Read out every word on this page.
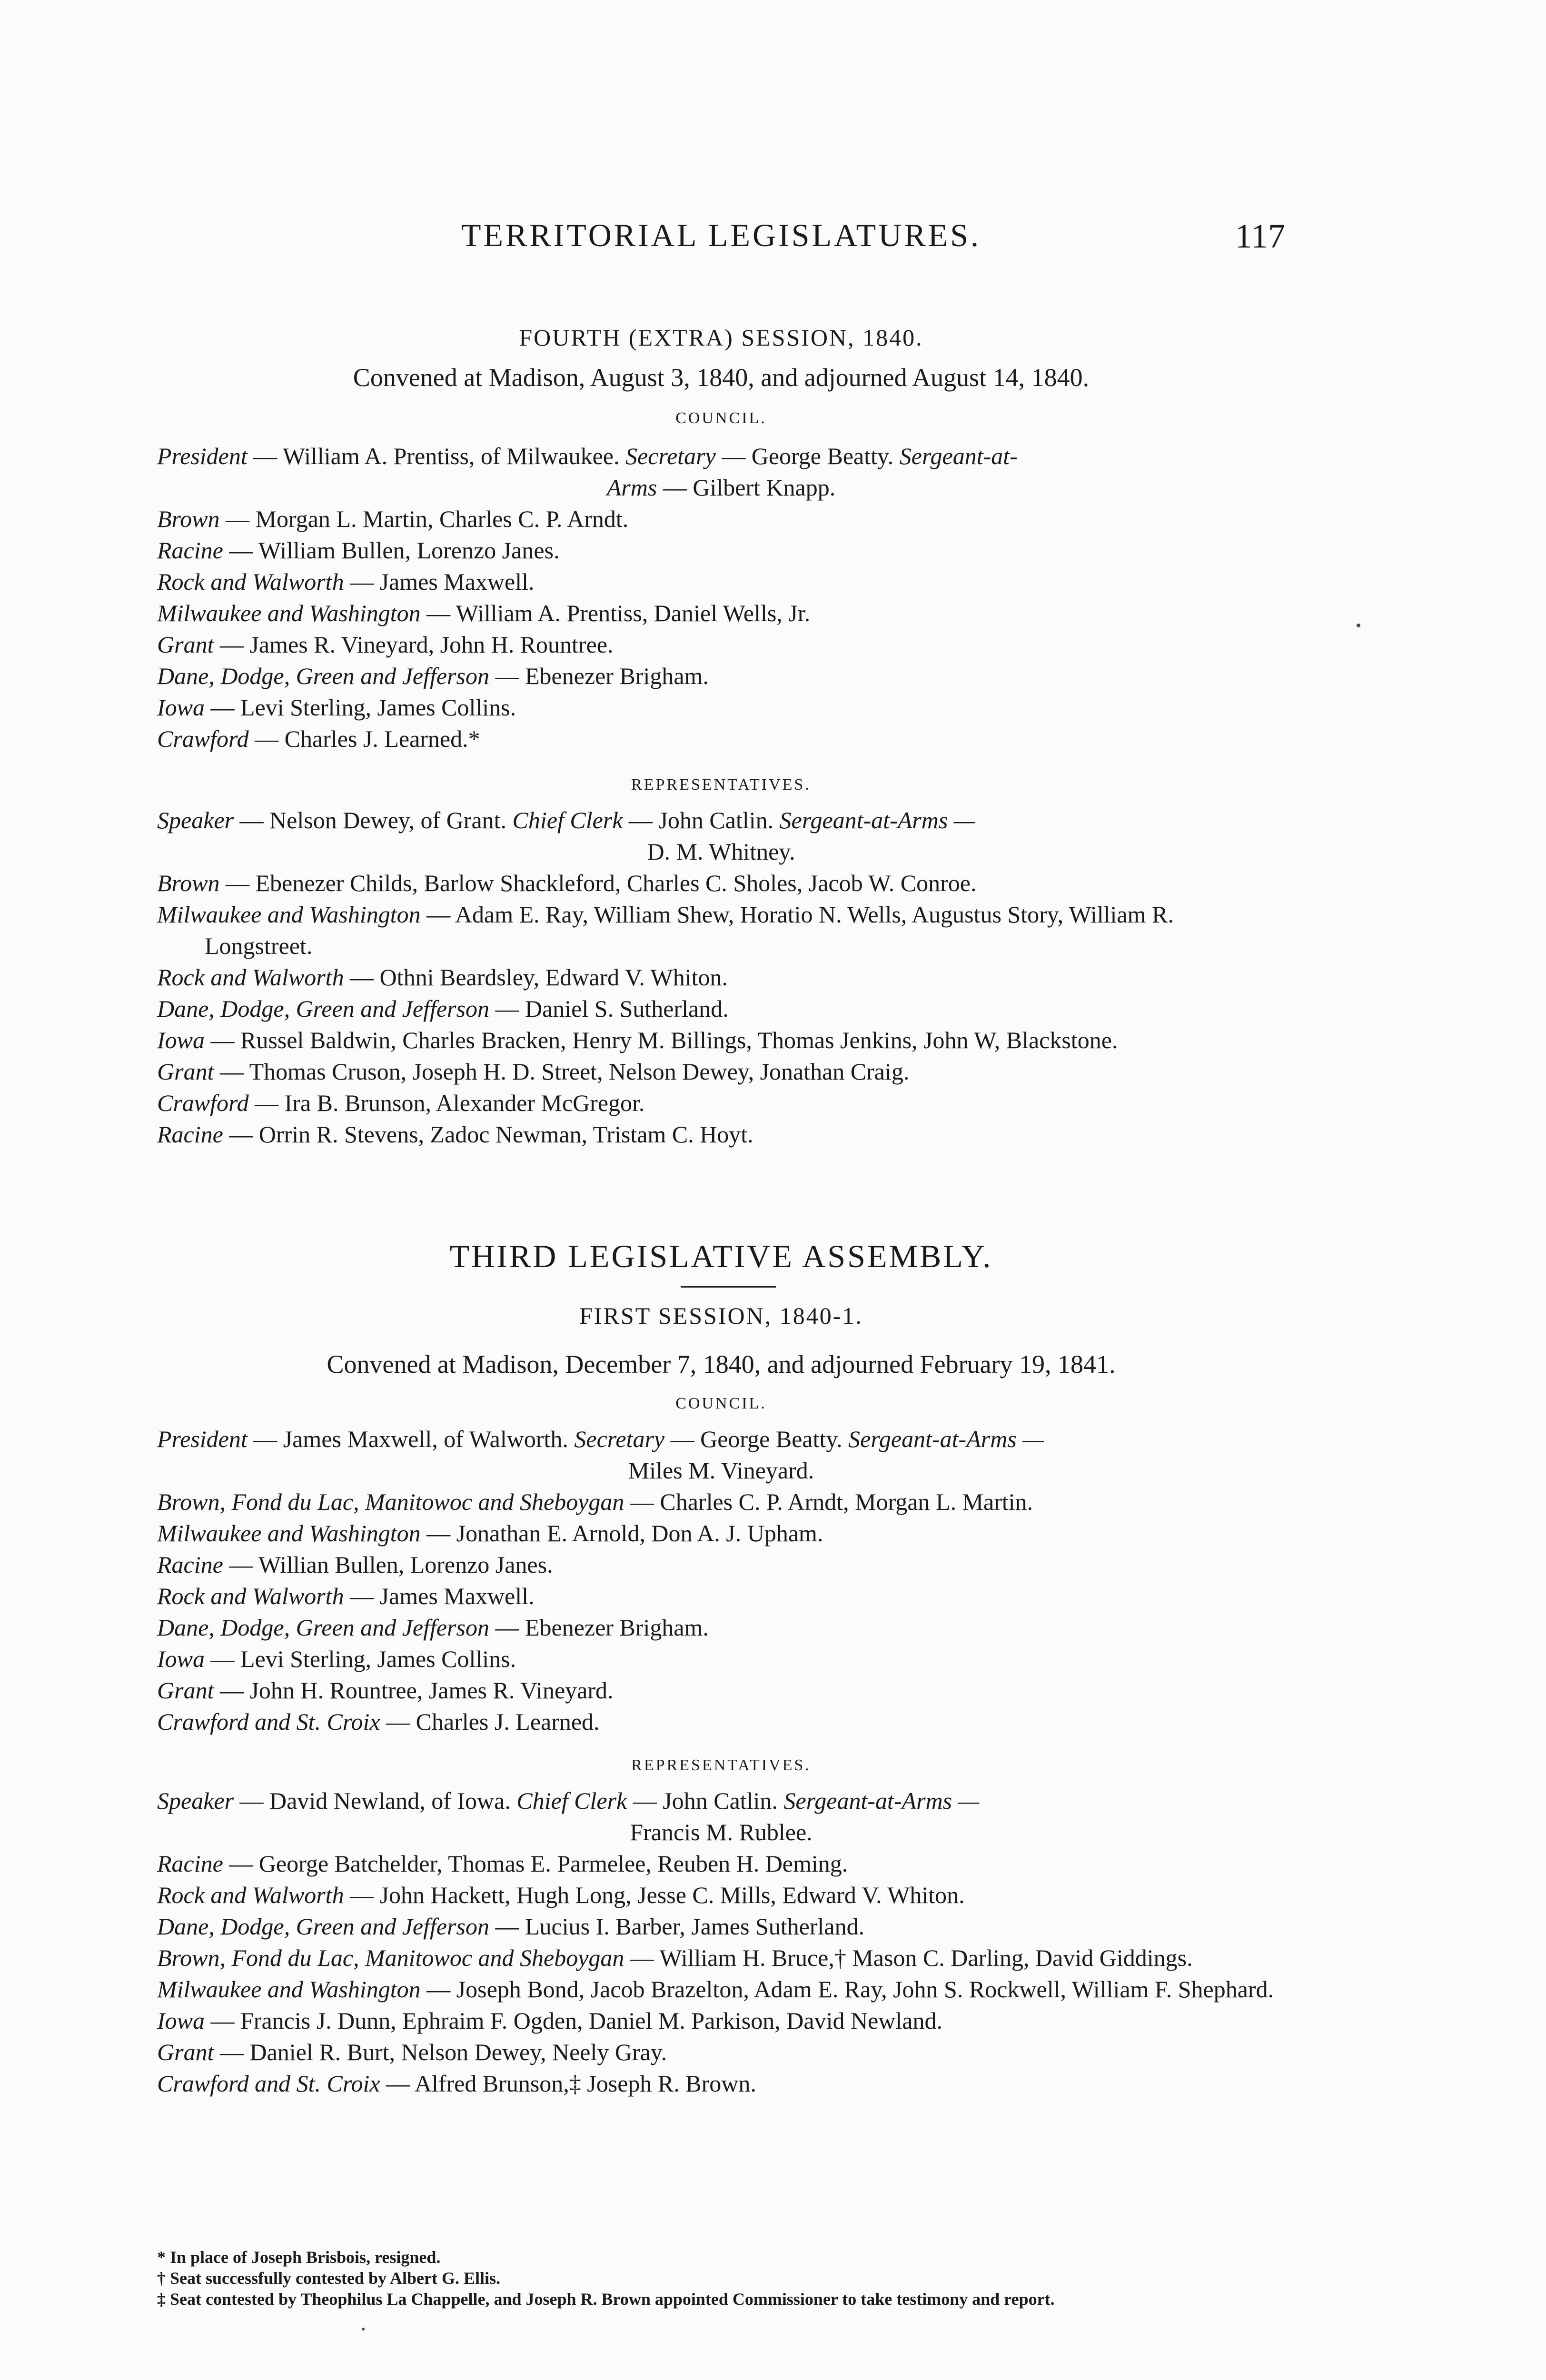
TERRITORIAL LEGISLATURES.	117
FOURTH (EXTRA) SESSION, 1840.
Convened at Madison, August 3, 1840, and adjourned August 14, 1840.
COUNCIL.
President — William A. Prentiss, of Milwaukee. Secretary — George Beatty. Sergeant-at-
Arms — Gilbert Knapp.
Brown — Morgan L. Martin, Charles C. P. Arndt.
Racine — William Bullen, Lorenzo Janes.
Rock and Walworth — James Maxwell.
Milwaukee and Washington — William A. Prentiss, Daniel Wells, Jr.
Grant — James R. Vineyard, John H. Rountree.
Dane, Dodge, Green and Jefferson — Ebenezer Brigham.
Iowa — Levi Sterling, James Collins.
Crawford — Charles J. Learned.*
REPRESENTATIVES.
Speaker — Nelson Dewey, of Grant. Chief Clerk — John Catlin. Sergeant-at-Arms —
D. M. Whitney.
Brown — Ebenezer Childs, Barlow Shackleford, Charles C. Sholes, Jacob W. Conroe.
Milwaukee and Washington — Adam E. Ray, William Shew, Horatio N. Wells, Augustus Story, William R. Longstreet.
Rock and Walworth — Othni Beardsley, Edward V. Whiton.
Dane, Dodge, Green and Jefferson — Daniel S. Sutherland.
Iowa — Russel Baldwin, Charles Bracken, Henry M. Billings, Thomas Jenkins, John W, Blackstone.
Grant — Thomas Cruson, Joseph H. D. Street, Nelson Dewey, Jonathan Craig.
Crawford — Ira B. Brunson, Alexander McGregor.
Racine — Orrin R. Stevens, Zadoc Newman, Tristam C. Hoyt.
THIRD LEGISLATIVE ASSEMBLY.
FIRST SESSION, 1840-1.
Convened at Madison, December 7, 1840, and adjourned February 19, 1841.
COUNCIL.
President — James Maxwell, of Walworth. Secretary — George Beatty. Sergeant-at-Arms —
Miles M. Vineyard.
Brown, Fond du Lac, Manitowoc and Sheboygan — Charles C. P. Arndt, Morgan L. Martin.
Milwaukee and Washington — Jonathan E. Arnold, Don A. J. Upham.
Racine — Willian Bullen, Lorenzo Janes.
Rock and Walworth — James Maxwell.
Dane, Dodge, Green and Jefferson — Ebenezer Brigham.
Iowa — Levi Sterling, James Collins.
Grant — John H. Rountree, James R. Vineyard.
Crawford and St. Croix — Charles J. Learned.
REPRESENTATIVES.
Speaker — David Newland, of Iowa. Chief Clerk — John Catlin. Sergeant-at-Arms —
Francis M. Rublee.
Racine — George Batchelder, Thomas E. Parmelee, Reuben H. Deming.
Rock and Walworth — John Hackett, Hugh Long, Jesse C. Mills, Edward V. Whiton.
Dane, Dodge, Green and Jefferson — Lucius I. Barber, James Sutherland.
Brown, Fond du Lac, Manitowoc and Sheboygan — William H. Bruce,† Mason C. Darling, David Giddings.
Milwaukee and Washington — Joseph Bond, Jacob Brazelton, Adam E. Ray, John S. Rockwell, William F. Shephard.
Iowa — Francis J. Dunn, Ephraim F. Ogden, Daniel M. Parkison, David Newland.
Grant — Daniel R. Burt, Nelson Dewey, Neely Gray.
Crawford and St. Croix — Alfred Brunson,‡ Joseph R. Brown.
* In place of Joseph Brisbois, resigned.
† Seat successfully contested by Albert G. Ellis.
‡ Seat contested by Theophilus La Chappelle, and Joseph R. Brown appointed Commissioner to take testimony and report.
